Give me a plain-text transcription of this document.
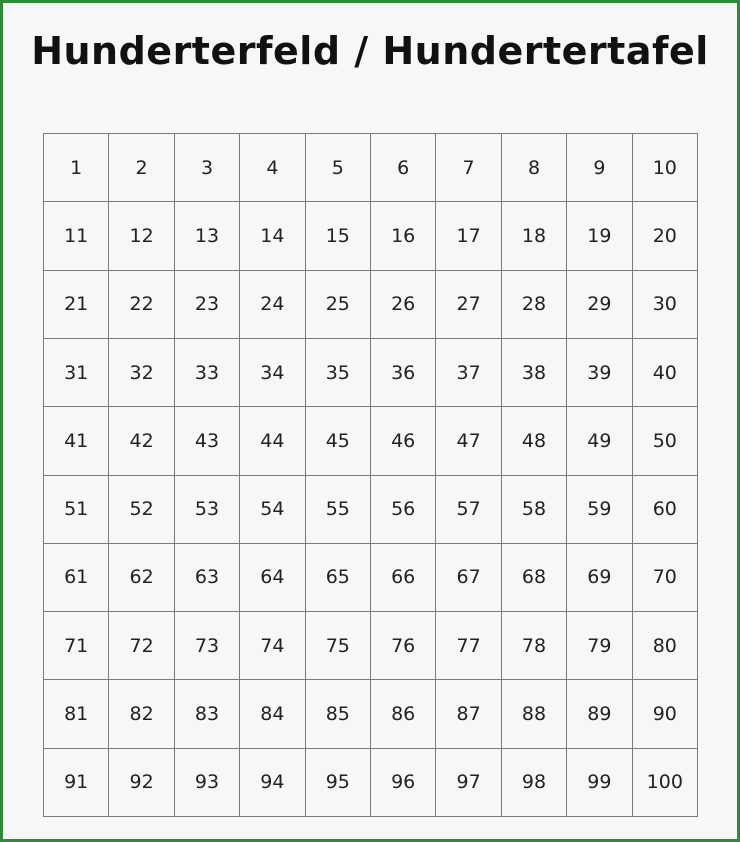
Hunderterfeld / Hundertertafel
1	2	3	4	5	6	7	8	9	10
11	12	13	14	15	16	17	18	19	20
21	22	23	24	25	26	27	28	29	30
31	32	33	34	35	36	37	38	39	40
41	42	43	44	45	46	47	48	49	50
51	52	53	54	55	56	57	58	59	60
61	62	63	64	65	66	67	68	69	70
71	72	73	74	75	76	77	78	79	80
81	82	83	84	85	86	87	88	89	90
91	92	93	94	95	96	97	98	99	100
